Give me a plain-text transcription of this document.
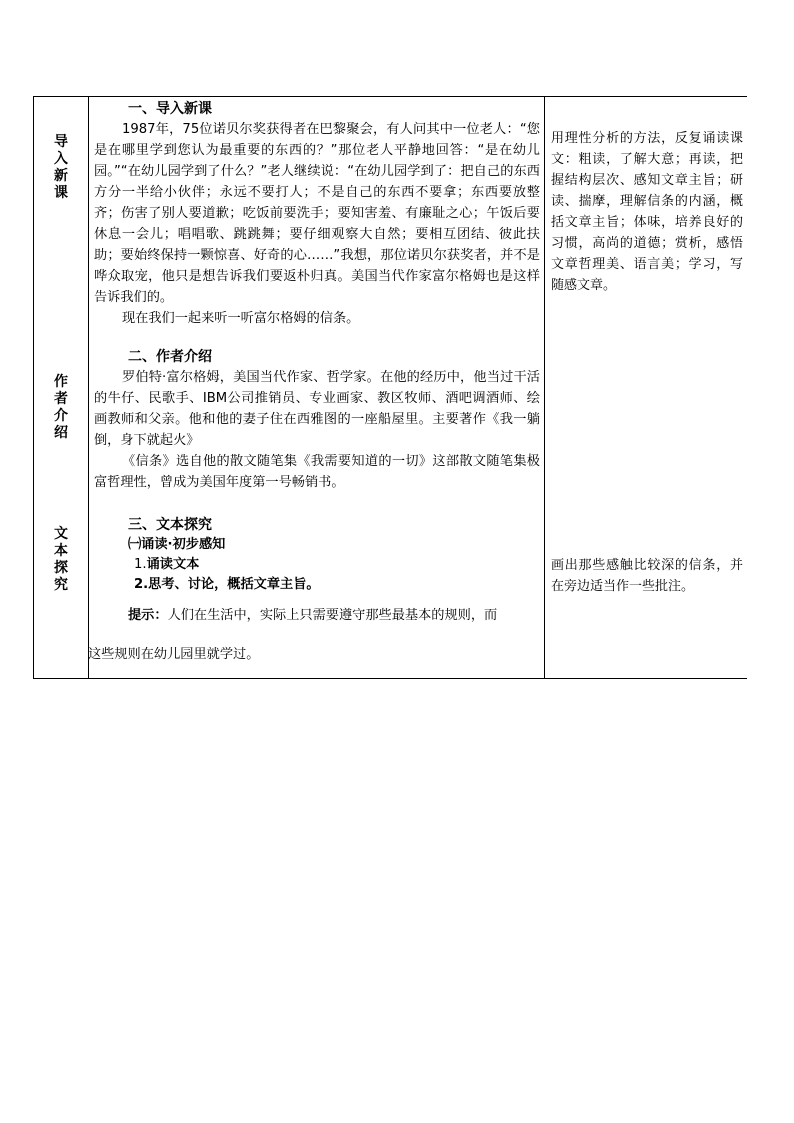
导
入
新
课
作
者
介
绍
文
本
探
究
一、导入新课

1987年，75位诺贝尔奖获得者在巴黎聚会，有人问其中一位老人：“您是在哪里学到您认为最重要的东西的？”那位老人平静地回答：“是在幼儿园。”“在幼儿园学到了什么？”老人继续说：“在幼儿园学到了：把自己的东西方分一半给小伙伴；永远不要打人；不是自己的东西不要拿；东西要放整齐；伤害了别人要道歉；吃饭前要洗手；要知害羞、有廉耻之心；午饭后要休息一会儿；唱唱歌、跳跳舞；要仔细观察大自然；要相互团结、彼此扶助；要始终保持一颗惊喜、好奇的心……”我想，那位诺贝尔获奖者，并不是哗众取宠，他只是想告诉我们要返朴归真。美国当代作家富尔格姆也是这样告诉我们的。

现在我们一起来听一听富尔格姆的信条。

二、作者介绍

罗伯特·富尔格姆，美国当代作家、哲学家。在他的经历中，他当过干活的牛仔、民歌手、IBM公司推销员、专业画家、教区牧师、酒吧调酒师、绘画教师和父亲。他和他的妻子住在西雅图的一座船屋里。主要著作《我一躺倒，身下就起火》

《信条》选自他的散文随笔集《我需要知道的一切》这部散文随笔集极富哲理性，曾成为美国年度第一号畅销书。

三、文本探究
㈠诵读·初步感知
1.诵读文本
2.思考、讨论，概括文章主旨。
提示：人们在生活中，实际上只需要遵守那些最基本的规则，而
这些规则在幼儿园里就学过。
用理性分析的方法，反复诵读课文：粗读，了解大意；再读，把握结构层次、感知文章主旨；研读、揣摩，理解信条的内涵，概括文章主旨；体味，培养良好的习惯，高尚的道德；赏析，感悟文章哲理美、语言美；学习，写随感文章。
画出那些感触比较深的信条，并在旁边适当作一些批注。
